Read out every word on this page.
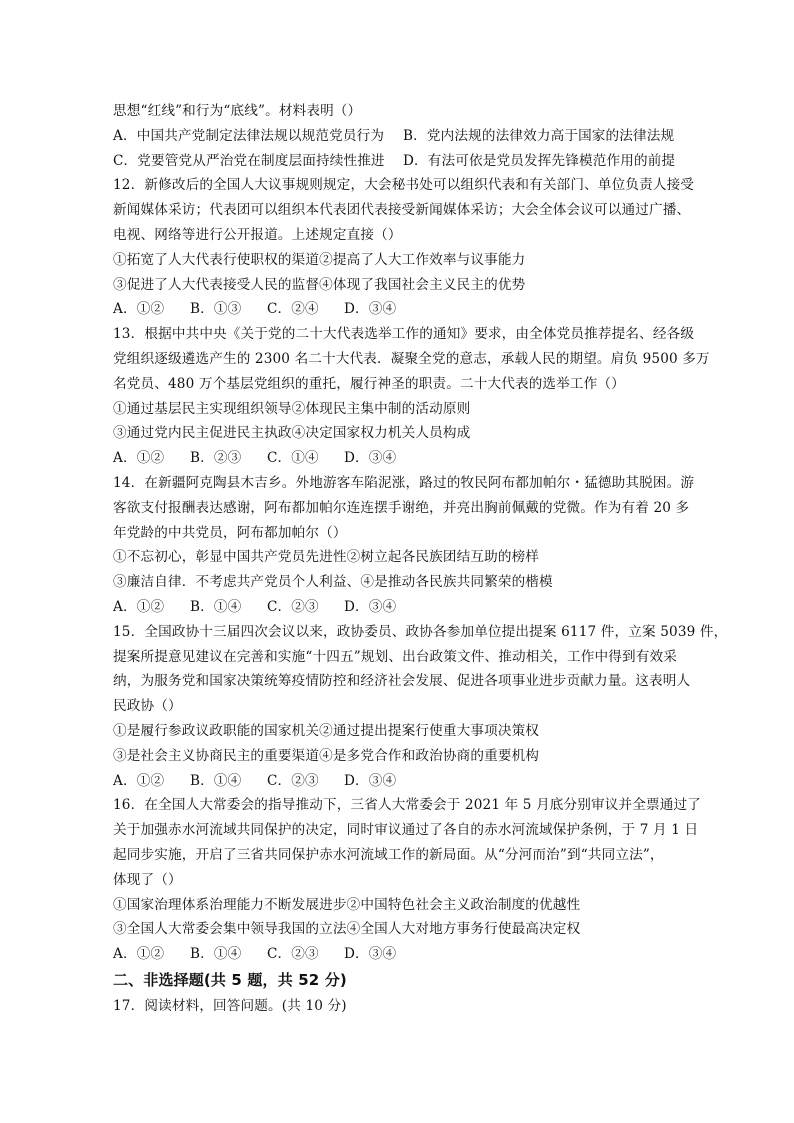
思想“红线”和行为“底线”。材料表明（）
A．中国共产党制定法律法规以规范党员行为	B．党内法规的法律效力高于国家的法律法规
C．党要管党从严治党在制度层面持续性推进	D．有法可依是党员发挥先锋模范作用的前提
12．新修改后的全国人大议事规则规定，大会秘书处可以组织代表和有关部门、单位负责人接受
新闻媒体采访；代表团可以组织本代表团代表接受新闻媒体采访；大会全体会议可以通过广播、
电视、网络等进行公开报道。上述规定直接（）
①拓宽了人大代表行使职权的渠道②提高了人大工作效率与议事能力
③促进了人大代表接受人民的监督④体现了我国社会主义民主的优势
A．①②	B．①③	C．②④	D．③④
13．根据中共中央《关于党的二十大代表选举工作的通知》要求，由全体党员推荐提名、经各级
党组织逐级遴选产生的 2300 名二十大代表．凝聚全党的意志，承载人民的期望。肩负 9500 多万
名党员、480 万个基层党组织的重托，履行神圣的职责。二十大代表的选举工作（）
①通过基层民主实现组织领导②体现民主集中制的活动原则
③通过党内民主促进民主执政④决定国家权力机关人员构成
A．①②	B．②③	C．①④	D．③④
14．在新疆阿克陶县木吉乡。外地游客车陷泥涨，路过的牧民阿布都加帕尔・猛德助其脱困。游
客欲支付报酬表达感谢，阿布都加帕尔连连摆手谢绝，并亮出胸前佩戴的党微。作为有着 20 多
年党龄的中共党员，阿布都加帕尔（）
①不忘初心，彰显中国共产党员先进性②树立起各民族团结互助的榜样
③廉洁自律．不考虑共产党员个人利益、④是推动各民族共同繁荣的楷模
A．①②	B．①④	C．②③	D．③④
15．全国政协十三届四次会议以来，政协委员、政协各参加单位提出提案 6117 件，立案 5039 件，
提案所提意见建议在完善和实施“十四五”规划、出台政策文件、推动相关，工作中得到有效采
纳，为服务党和国家决策统筹疫情防控和经济社会发展、促进各项事业进步贡献力量。这表明人
民政协（）
①是履行参政议政职能的国家机关②通过提出提案行使重大事项决策权
③是社会主义协商民主的重要渠道④是多党合作和政治协商的重要机构
A．①②	B．①④	C．②③	D．③④
16．在全国人大常委会的指导推动下，三省人大常委会于 2021 年 5 月底分别审议并全票通过了
关于加强赤水河流域共同保护的决定，同时审议通过了各自的赤水河流域保护条例，于 7 月 1 日
起同步实施，开启了三省共同保护赤水河流域工作的新局面。从“分河而治”到“共同立法”，
体现了（）
①国家治理体系治理能力不断发展进步②中国特色社会主义政治制度的优越性
③全国人大常委会集中领导我国的立法④全国人大对地方事务行使最高决定权
A．①②	B．①④	C．②③	D．③④
二、非选择题(共 5 题，共 52 分)
17．阅读材料，回答问题。(共 10 分)
